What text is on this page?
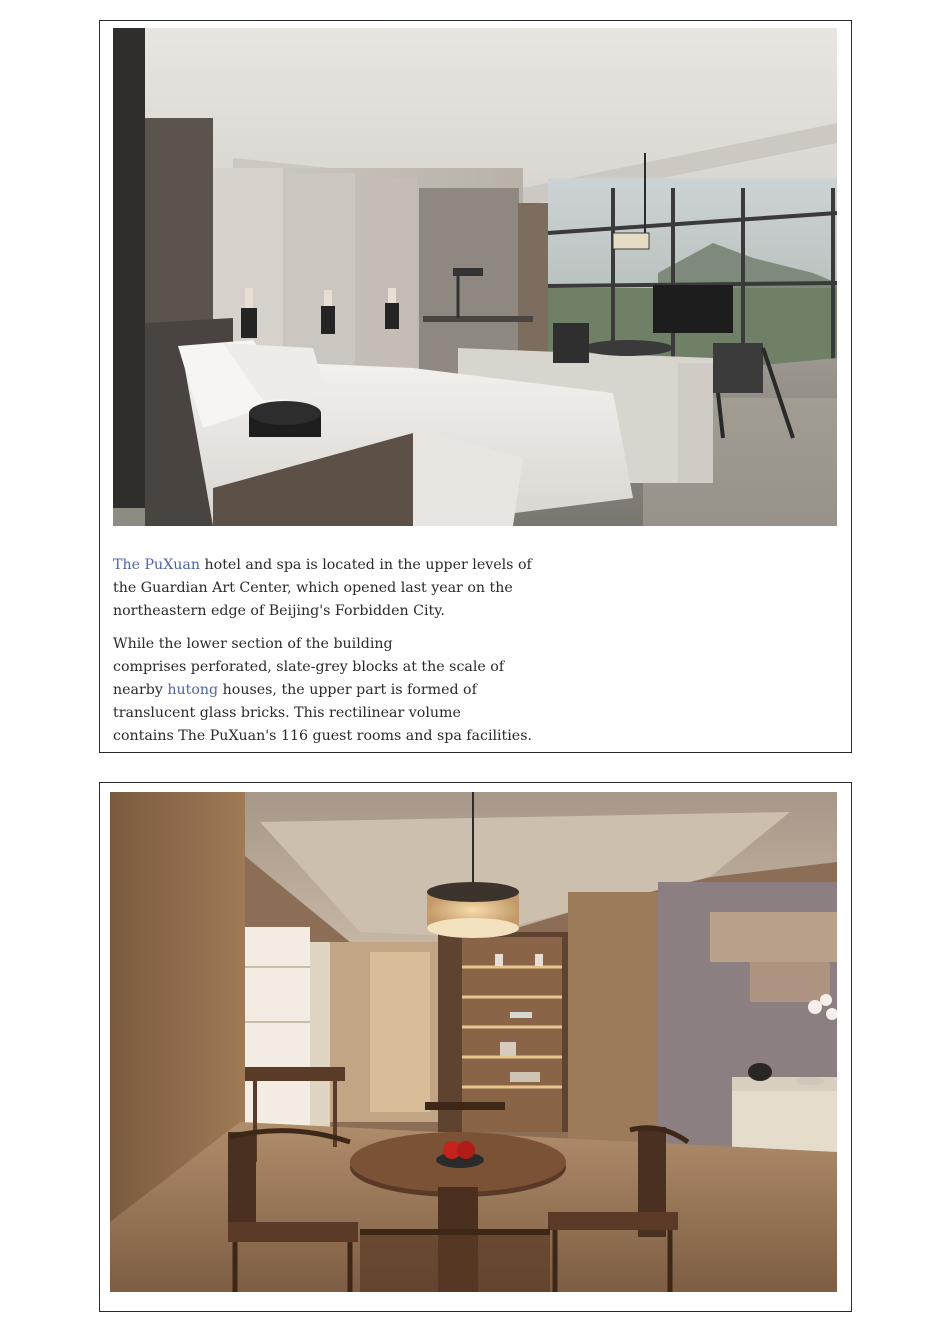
The PuXuan hotel and spa is located in the upper levels of
the Guardian Art Center, which opened last year on the
northeastern edge of Beijing's Forbidden City.

While the lower section of the building
comprises perforated, slate-grey blocks at the scale of
nearby hutong houses, the upper part is formed of
translucent glass bricks. This rectilinear volume
contains The PuXuan's 116 guest rooms and spa facilities.
